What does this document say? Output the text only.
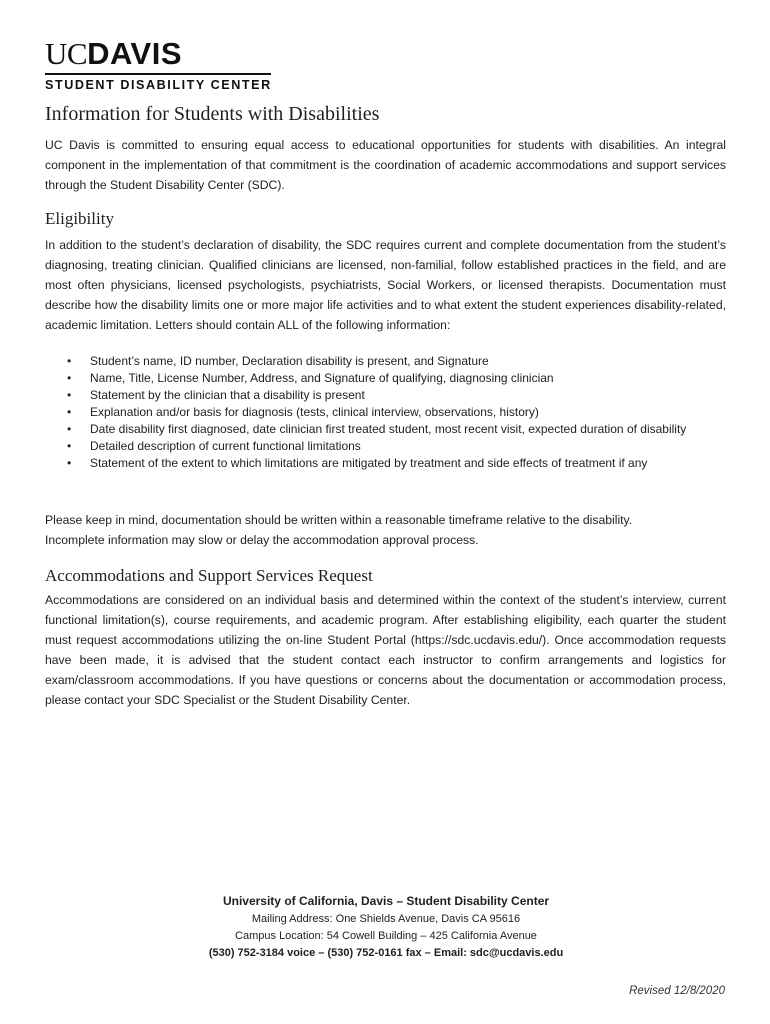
UCDAVIS
STUDENT DISABILITY CENTER
Information for Students with Disabilities

UC Davis is committed to ensuring equal access to educational opportunities for students with disabilities. An integral component in the implementation of that commitment is the coordination of academic accommodations and support services through the Student Disability Center (SDC).

Eligibility

In addition to the student’s declaration of disability, the SDC requires current and complete documentation from the student’s diagnosing, treating clinician. Qualified clinicians are licensed, non-familial, follow established practices in the field, and are most often physicians, licensed psychologists, psychiatrists, Social Workers, or licensed therapists. Documentation must describe how the disability limits one or more major life activities and to what extent the student experiences disability-related, academic limitation. Letters should contain ALL of the following information:

• Student’s name, ID number, Declaration disability is present, and Signature
• Name, Title, License Number, Address, and Signature of qualifying, diagnosing clinician
• Statement by the clinician that a disability is present
• Explanation and/or basis for diagnosis (tests, clinical interview, observations, history)
• Date disability first diagnosed, date clinician first treated student, most recent visit, expected duration of disability
• Detailed description of current functional limitations
• Statement of the extent to which limitations are mitigated by treatment and side effects of treatment if any

Please keep in mind, documentation should be written within a reasonable timeframe relative to the disability.
Incomplete information may slow or delay the accommodation approval process.

Accommodations and Support Services Request

Accommodations are considered on an individual basis and determined within the context of the student’s interview, current functional limitation(s), course requirements, and academic program. After establishing eligibility, each quarter the student must request accommodations utilizing the on-line Student Portal (https://sdc.ucdavis.edu/). Once accommodation requests have been made, it is advised that the student contact each instructor to confirm arrangements and logistics for exam/classroom accommodations. If you have questions or concerns about the documentation or accommodation process, please contact your SDC Specialist or the Student Disability Center.

University of California, Davis – Student Disability Center
Mailing Address: One Shields Avenue, Davis CA 95616
Campus Location: 54 Cowell Building – 425 California Avenue
(530) 752-3184 voice – (530) 752-0161 fax – Email: sdc@ucdavis.edu
Revised 12/8/2020
